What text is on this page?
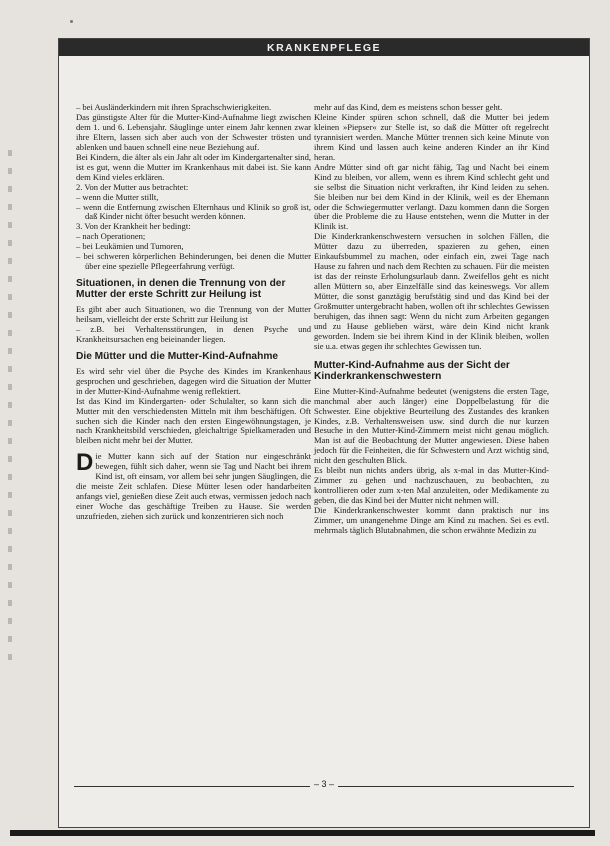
KRANKENPFLEGE
– bei Ausländerkindern mit ihren Sprachschwierigkeiten.

Das günstigste Alter für die Mutter-Kind-Aufnahme liegt zwischen dem 1. und 6. Lebensjahr. Säuglinge unter einem Jahr kennen zwar ihre Eltern, lassen sich aber auch von der Schwester trösten und ablenken und bauen schnell eine neue Beziehung auf.

Bei Kindern, die älter als ein Jahr alt oder im Kindergartenalter sind, ist es gut, wenn die Mutter im Krankenhaus mit dabei ist. Sie kann dem Kind vieles erklären.

2. Von der Mutter aus betrachtet:
– wenn die Mutter stillt,
– wenn die Entfernung zwischen Elternhaus und Klinik so groß ist, daß Kinder nicht öfter besucht werden können.
3. Von der Krankheit her bedingt:
– nach Operationen;
– bei Leukämien und Tumoren,
– bei schweren körperlichen Behinderungen, bei denen die Mutter über eine spezielle Pflegeerfahrung verfügt.
Situationen, in denen die Trennung von der Mutter der erste Schritt zur Heilung ist

Es gibt aber auch Situationen, wo die Trennung von der Mutter heilsam, vielleicht der erste Schritt zur Heilung ist

– z.B. bei Verhaltensstörungen, in denen Psyche und Krankheitsursachen eng beieinander liegen.

Die Mütter und die Mutter-Kind-Aufnahme

Es wird sehr viel über die Psyche des Kindes im Krankenhaus gesprochen und geschrieben, dagegen wird die Situation der Mutter in der Mutter-Kind-Aufnahme wenig reflektiert.

Ist das Kind im Kindergarten- oder Schulalter, so kann sich die Mutter mit den verschiedensten Mitteln mit ihm beschäftigen. Oft suchen sich die Kinder nach den ersten Eingewöhnungstagen, je nach Krankheitsbild verschieden, gleichaltrige Spielkameraden und bleiben nicht mehr bei der Mutter.

Die Mutter kann sich auf der Station nur eingeschränkt bewegen, fühlt sich daher, wenn sie Tag und Nacht bei ihrem Kind ist, oft einsam, vor allem bei sehr jungen Säuglingen, die die meiste Zeit schlafen. Diese Mütter lesen oder handarbeiten anfangs viel, genießen diese Zeit auch etwas, vermissen jedoch nach einer Woche das geschäftige Treiben zu Hause. Sie werden unzufrieden, ziehen sich zurück und konzentrieren sich noch

mehr auf das Kind, dem es meistens schon besser geht.

Kleine Kinder spüren schon schnell, daß die Mutter bei jedem kleinen »Piepser« zur Stelle ist, so daß die Mütter oft regelrecht tyrannisiert werden. Manche Mütter trennen sich keine Minute von ihrem Kind und lassen auch keine anderen Kinder an ihr Kind heran.

Andre Mütter sind oft gar nicht fähig, Tag und Nacht bei einem Kind zu bleiben, vor allem, wenn es ihrem Kind schlecht geht und sie selbst die Situation nicht verkraften, ihr Kind leiden zu sehen. Sie bleiben nur bei dem Kind in der Klinik, weil es der Ehemann oder die Schwiegermutter verlangt. Dazu kommen dann die Sorgen über die Probleme die zu Hause entstehen, wenn die Mutter in der Klinik ist.

Die Kinderkrankenschwestern versuchen in solchen Fällen, die Mütter dazu zu überreden, spazieren zu gehen, einen Einkaufsbummel zu machen, oder einfach ein, zwei Tage nach Hause zu fahren und nach dem Rechten zu schauen. Für die meisten ist das der reinste Erholungsurlaub dann. Zweifellos geht es nicht allen Müttern so, aber Einzelfälle sind das keineswegs. Vor allem Mütter, die sonst ganztägig berufstätig sind und das Kind bei der Großmutter untergebracht haben, wollen oft ihr schlechtes Gewissen beruhigen, das ihnen sagt: Wenn du nicht zum Arbeiten gegangen und zu Hause geblieben wärst, wäre dein Kind nicht krank geworden. Indem sie bei ihrem Kind in der Klinik bleiben, wollen sie u.a. etwas gegen ihr schlechtes Gewissen tun.

Mutter-Kind-Aufnahme aus der Sicht der Kinderkrankenschwestern

Eine Mutter-Kind-Aufnahme bedeutet (wenigstens die ersten Tage, manchmal aber auch länger) eine Doppelbelastung für die Schwester. Eine objektive Beurteilung des Zustandes des kranken Kindes, z.B. Verhaltensweisen usw. sind durch die nur kurzen Besuche in den Mutter-Kind-Zimmern meist nicht genau möglich. Man ist auf die Beobachtung der Mutter angewiesen. Diese haben jedoch für die Feinheiten, die für Schwestern und Arzt wichtig sind, nicht den geschulten Blick.

Es bleibt nun nichts anders übrig, als x-mal in das Mutter-Kind-Zimmer zu gehen und nachzuschauen, zu beobachten, zu kontrollieren oder zum x-ten Mal anzuleiten, oder Medikamente zu geben, die das Kind bei der Mutter nicht nehmen will.

Die Kinderkrankenschwester kommt dann praktisch nur ins Zimmer, um unangenehme Dinge am Kind zu machen. Sei es evtl. mehrmals täglich Blutabnahmen, die schon erwähnte Medizin zu

– 3 –
